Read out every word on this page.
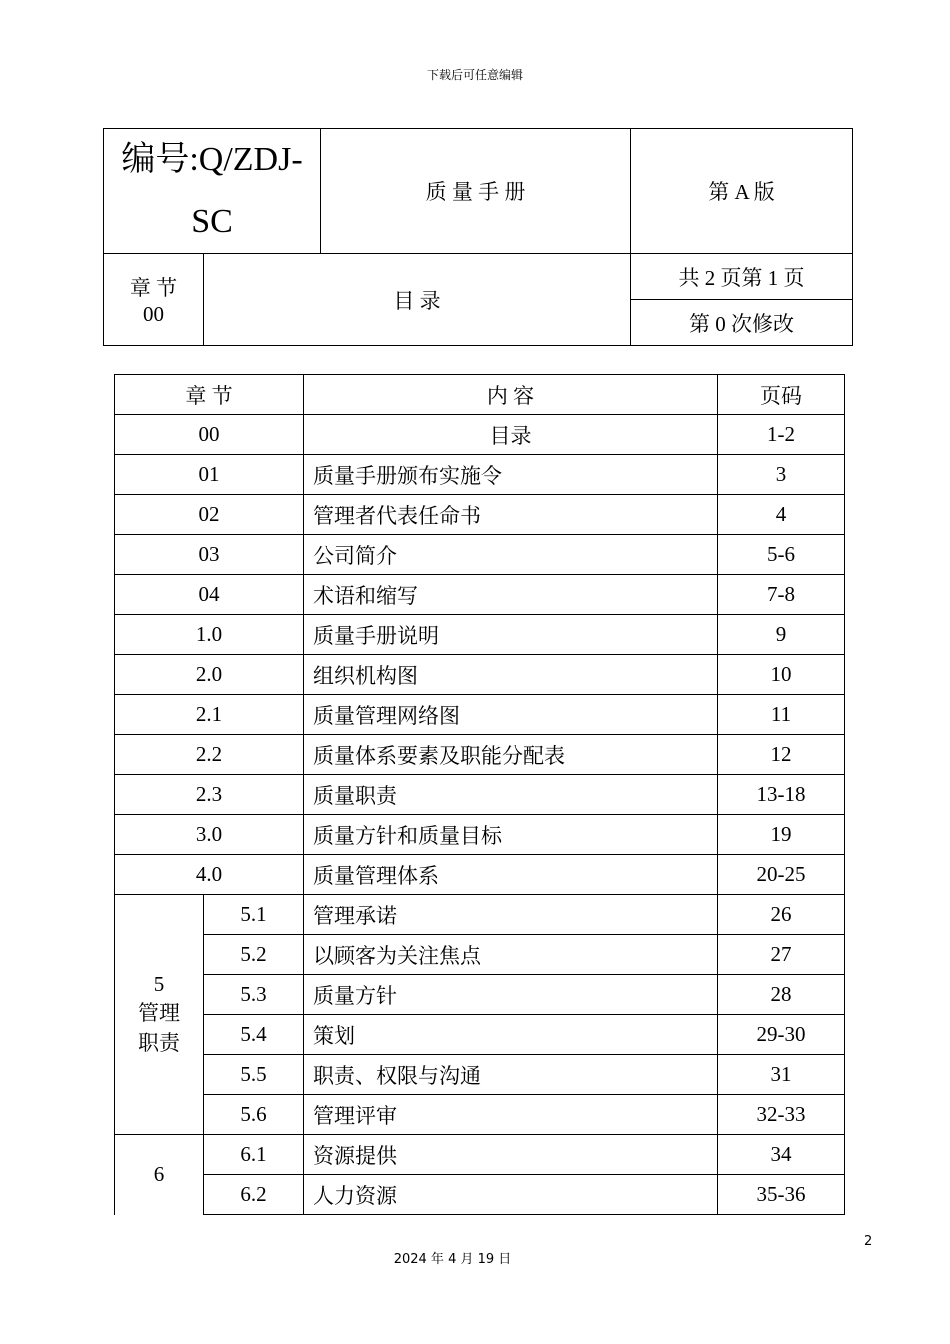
下载后可任意编辑
编号:Q/ZDJ-
SC		质 量 手 册	第 A 版

章 节
00	目 录		共 2 页第 1 页
			第 0 次修改
章 节		内 容	页码
00		目录	1-2
01		质量手册颁布实施令	3
02		管理者代表任命书	4
03		公司简介	5-6
04		术语和缩写	7-8
1.0		质量手册说明	9
2.0		组织机构图	10
2.1		质量管理网络图	11
2.2		质量体系要素及职能分配表	12
2.3		质量职责	13-18
3.0		质量方针和质量目标	19
4.0		质量管理体系	20-25

5
管理
职责	5.1	管理承诺	26
	5.2	以顾客为关注焦点	27
	5.3	质量方针	28
	5.4	策划	29-30
	5.5	职责、权限与沟通	31
	5.6	管理评审	32-33

6	6.1	资源提供	34
	6.2	人力资源	35-36
2
2024 年 4 月 19 日
